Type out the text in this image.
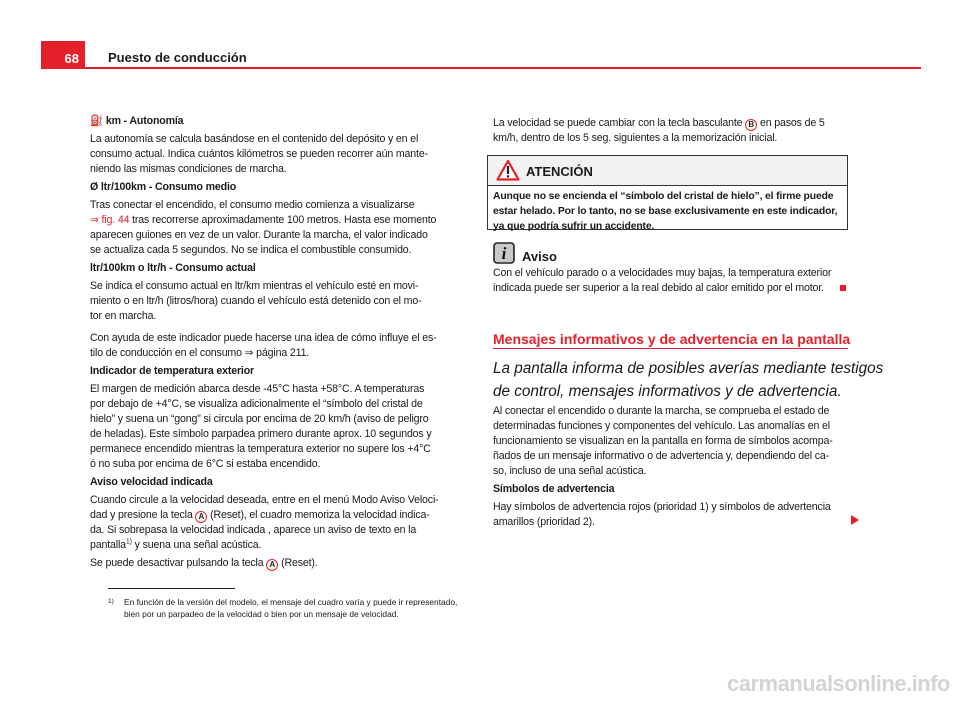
68	Puesto de conducción
⛽ km - Autonomía
La autonomía se calcula basándose en el contenido del depósito y en el
consumo actual. Indica cuántos kilómetros se pueden recorrer aún mante-
niendo las mismas condiciones de marcha.
Ø ltr/100km - Consumo medio
Tras conectar el encendido, el consumo medio comienza a visualizarse
⇒ fig. 44 tras recorrerse aproximadamente 100 metros. Hasta ese momento
aparecen guiones en vez de un valor. Durante la marcha, el valor indicado
se actualiza cada 5 segundos. No se indica el combustible consumido.
ltr/100km o ltr/h - Consumo actual
Se indica el consumo actual en ltr/km mientras el vehículo esté en movi-
miento o en ltr/h (litros/hora) cuando el vehículo está detenido con el mo-
tor en marcha.
Con ayuda de este indicador puede hacerse una idea de cómo influye el es-
tilo de conducción en el consumo ⇒ página 211.
Indicador de temperatura exterior
El margen de medición abarca desde -45°C hasta +58°C. A temperaturas
por debajo de +4°C, se visualiza adicionalmente el “símbolo del cristal de
hielo” y suena un “gong” si circula por encima de 20 km/h (aviso de peligro
de heladas). Este símbolo parpadea primero durante aprox. 10 segundos y
permanece encendido mientras la temperatura exterior no supere los +4°C
ó no suba por encima de 6°C si estaba encendido.
Aviso velocidad indicada
Cuando circule a la velocidad deseada, entre en el menú Modo Aviso Veloci-
dad y presione la tecla A (Reset), el cuadro memoriza la velocidad indica-
da. Si sobrepasa la velocidad indicada , aparece un aviso de texto en la
pantalla$^{1)}$ y suena una señal acústica.
Se puede desactivar pulsando la tecla A (Reset).
La velocidad se puede cambiar con la tecla basculante B en pasos de 5
km/h, dentro de los 5 seg. siguientes a la memorización inicial.
ATENCIÓN
Aunque no se encienda el “símbolo del cristal de hielo”, el firme puede
estar helado. Por lo tanto, no se base exclusivamente en este indicador,
ya que podría sufrir un accidente.
i Aviso
Con el vehículo parado o a velocidades muy bajas, la temperatura exterior
indicada puede ser superior a la real debido al calor emitido por el motor.
Mensajes informativos y de advertencia en la pantalla
La pantalla informa de posibles averías mediante testigos
de control, mensajes informativos y de advertencia.
Al conectar el encendido o durante la marcha, se comprueba el estado de
determinadas funciones y componentes del vehículo. Las anomalías en el
funcionamiento se visualizan en la pantalla en forma de símbolos acompa-
ñados de un mensaje informativo o de advertencia y, dependiendo del ca-
so, incluso de una señal acústica.
Símbolos de advertencia
Hay símbolos de advertencia rojos (prioridad 1) y símbolos de advertencia
amarillos (prioridad 2).
1) En función de la versión del modelo, el mensaje del cuadro varía y puede ir representado,
bien por un parpadeo de la velocidad o bien por un mensaje de velocidad.
carmanualsonline.info
